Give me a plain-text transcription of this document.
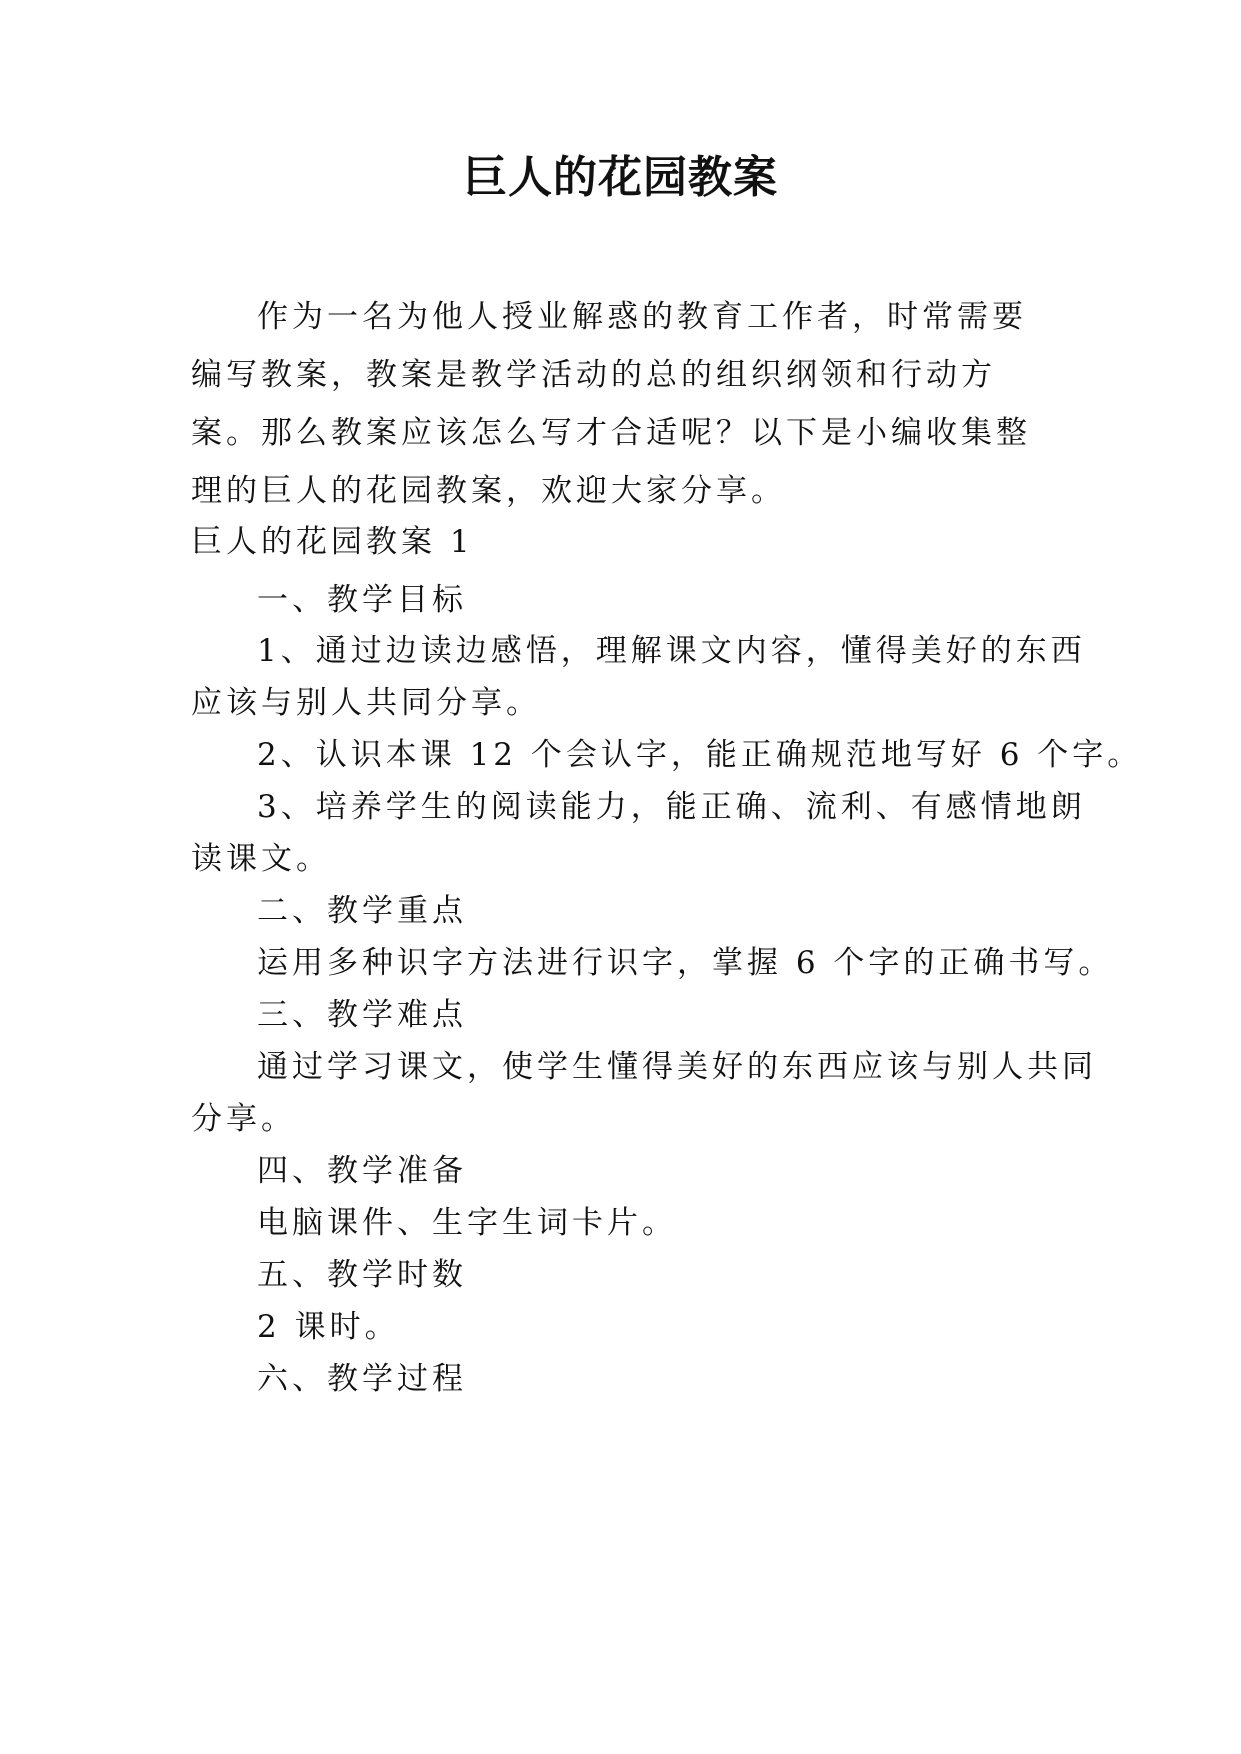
巨人的花园教案

作为一名为他人授业解惑的教育工作者，时常需要编写教案，教案是教学活动的总的组织纲领和行动方案。那么教案应该怎么写才合适呢？以下是小编收集整理的巨人的花园教案，欢迎大家分享。

巨人的花园教案 1

一、教学目标

1、通过边读边感悟，理解课文内容，懂得美好的东西

应该与别人共同分享。

2、认识本课 12 个会认字，能正确规范地写好 6 个字。

3、培养学生的阅读能力，能正确、流利、有感情地朗

读课文。

二、教学重点

运用多种识字方法进行识字，掌握 6 个字的正确书写。

三、教学难点

通过学习课文，使学生懂得美好的东西应该与别人共同

分享。

四、教学准备

电脑课件、生字生词卡片。

五、教学时数

2 课时。

六、教学过程
